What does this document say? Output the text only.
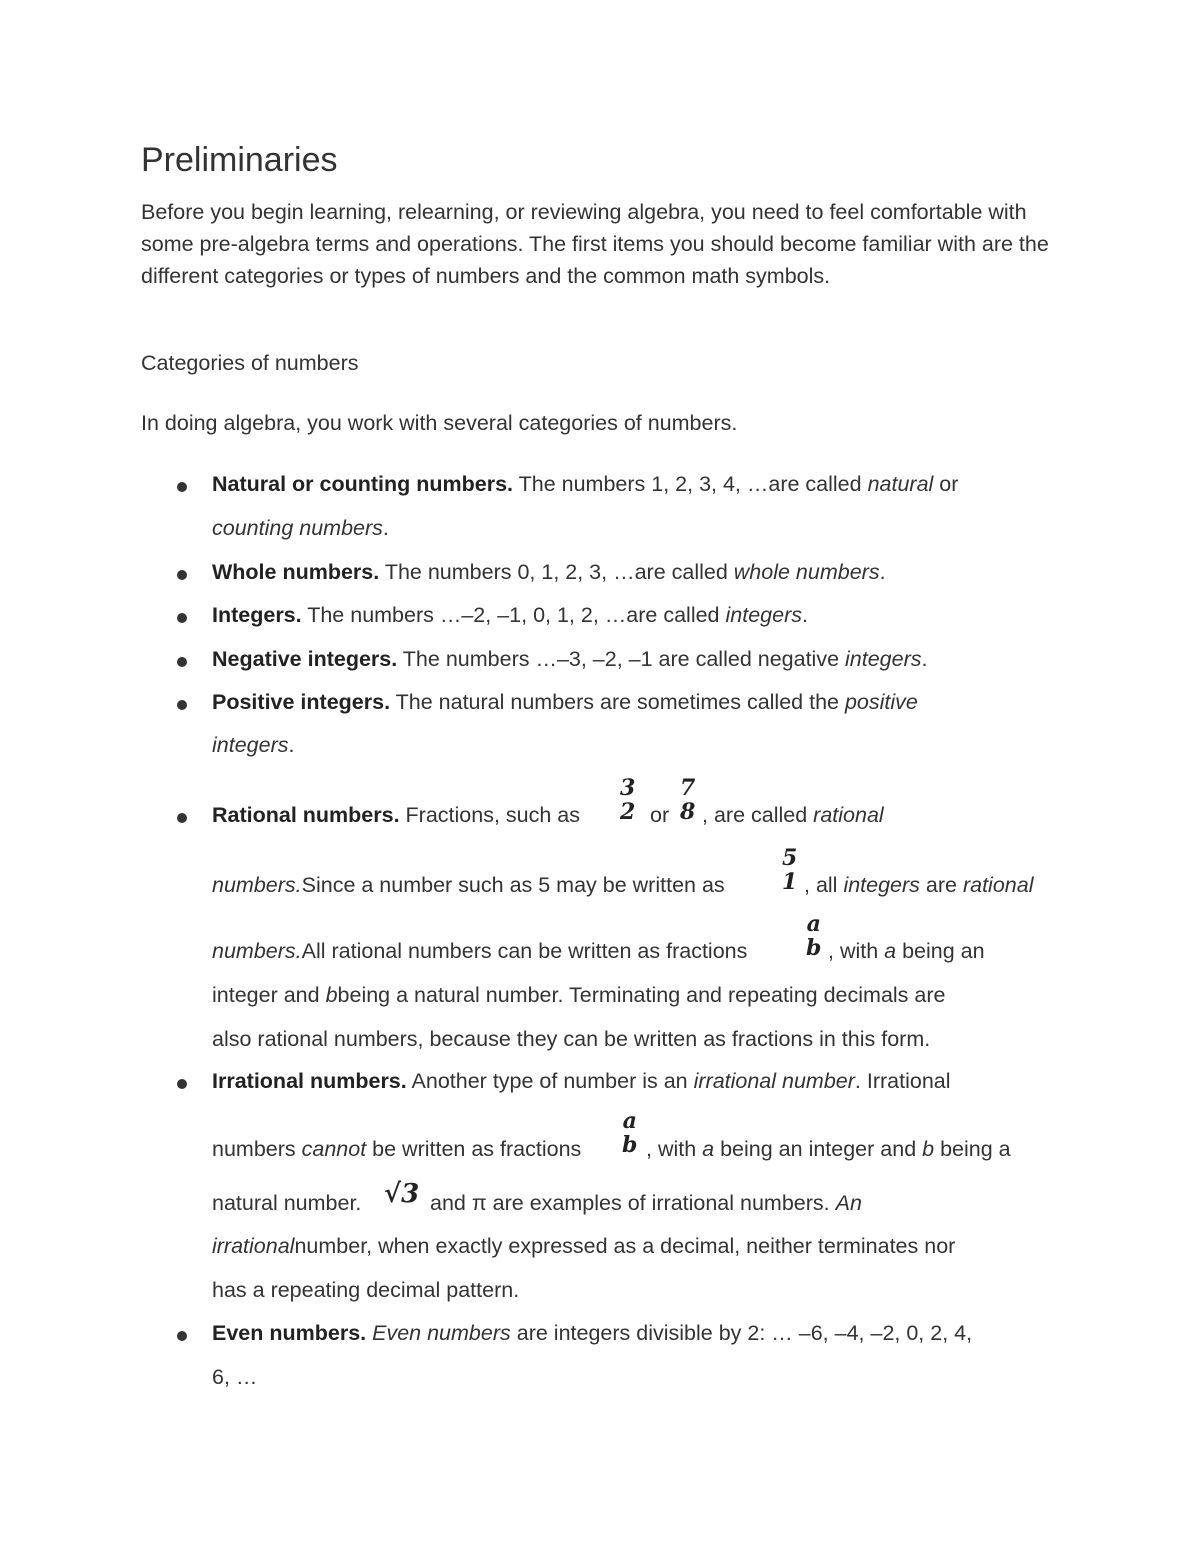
Preliminaries

Before you begin learning, relearning, or reviewing algebra, you need to feel comfortable with some pre-algebra terms and operations. The first items you should become familiar with are the different categories or types of numbers and the common math symbols.

Categories of numbers

In doing algebra, you work with several categories of numbers.

Natural or counting numbers. The numbers 1, 2, 3, 4, …are called natural or
counting numbers.
Whole numbers. The numbers 0, 1, 2, 3, …are called whole numbers.
Integers. The numbers …–2, –1, 0, 1, 2, …are called integers.
Negative integers. The numbers …–3, –2, –1 are called negative integers.
Positive integers. The natural numbers are sometimes called the positive
integers.
Rational numbers. Fractions, such as
3
2 or
7
8 , are called rational
numbers.Since a number such as 5 may be written as
5
1 , all integers are rational
numbers.All rational numbers can be written as fractions
a
b , with a being an
integer and bbeing a natural number. Terminating and repeating decimals are
also rational numbers, because they can be written as fractions in this form.
Irrational numbers. Another type of number is an irrational number. Irrational
numbers cannot be written as fractions
a
b , with a being an integer and b being a
natural number. √3 and π are examples of irrational numbers. An
irrationalnumber, when exactly expressed as a decimal, neither terminates nor
has a repeating decimal pattern.
Even numbers. Even numbers are integers divisible by 2: … –6, –4, –2, 0, 2, 4,
6, …
